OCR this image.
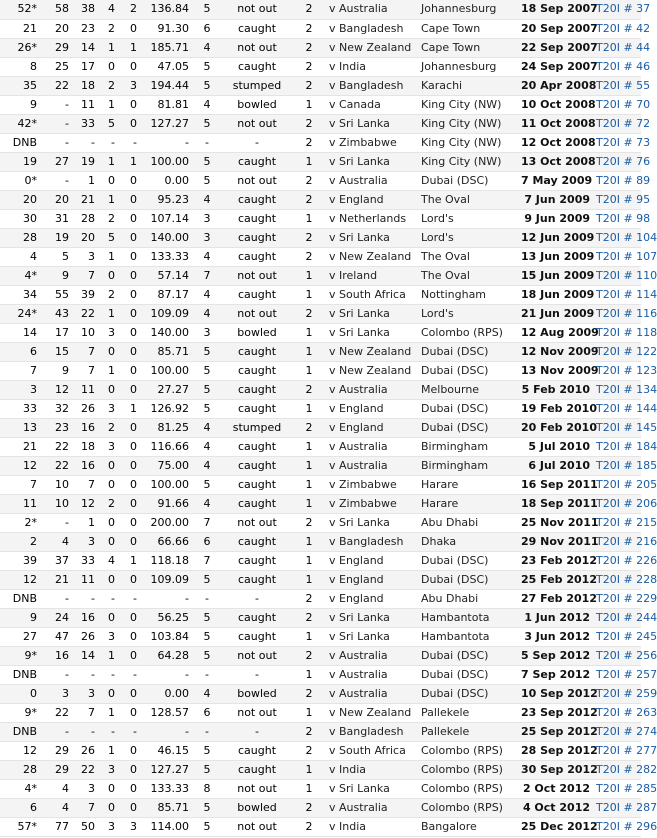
52*	58	38	4	2	136.84	5	not out	2	v Australia	Johannesburg	18 Sep 2007	T20I # 37
21	20	23	2	0	91.30	6	caught	2	v Bangladesh	Cape Town	20 Sep 2007	T20I # 42
26*	29	14	1	1	185.71	4	not out	2	v New Zealand	Cape Town	22 Sep 2007	T20I # 44
8	25	17	0	0	47.05	5	caught	2	v India	Johannesburg	24 Sep 2007	T20I # 46
35	22	18	2	3	194.44	5	stumped	2	v Bangladesh	Karachi	20 Apr 2008	T20I # 55
9	-	11	1	0	81.81	4	bowled	1	v Canada	King City (NW)	10 Oct 2008	T20I # 70
42*	-	33	5	0	127.27	5	not out	2	v Sri Lanka	King City (NW)	11 Oct 2008	T20I # 72
DNB	-	-	-	-	-	-	-	2	v Zimbabwe	King City (NW)	12 Oct 2008	T20I # 73
19	27	19	1	1	100.00	5	caught	1	v Sri Lanka	King City (NW)	13 Oct 2008	T20I # 76
0*	-	1	0	0	0.00	5	not out	2	v Australia	Dubai (DSC)	7 May 2009	T20I # 89
20	20	21	1	0	95.23	4	caught	2	v England	The Oval	7 Jun 2009	T20I # 95
30	31	28	2	0	107.14	3	caught	1	v Netherlands	Lord's	9 Jun 2009	T20I # 98
28	19	20	5	0	140.00	3	caught	2	v Sri Lanka	Lord's	12 Jun 2009	T20I # 104
4	5	3	1	0	133.33	4	caught	2	v New Zealand	The Oval	13 Jun 2009	T20I # 107
4*	9	7	0	0	57.14	7	not out	1	v Ireland	The Oval	15 Jun 2009	T20I # 110
34	55	39	2	0	87.17	4	caught	1	v South Africa	Nottingham	18 Jun 2009	T20I # 114
24*	43	22	1	0	109.09	4	not out	2	v Sri Lanka	Lord's	21 Jun 2009	T20I # 116
14	17	10	3	0	140.00	3	bowled	1	v Sri Lanka	Colombo (RPS)	12 Aug 2009	T20I # 118
6	15	7	0	0	85.71	5	caught	1	v New Zealand	Dubai (DSC)	12 Nov 2009	T20I # 122
7	9	7	1	0	100.00	5	caught	1	v New Zealand	Dubai (DSC)	13 Nov 2009	T20I # 123
3	12	11	0	0	27.27	5	caught	2	v Australia	Melbourne	5 Feb 2010	T20I # 134
33	32	26	3	1	126.92	5	caught	1	v England	Dubai (DSC)	19 Feb 2010	T20I # 144
13	23	16	2	0	81.25	4	stumped	2	v England	Dubai (DSC)	20 Feb 2010	T20I # 145
21	22	18	3	0	116.66	4	caught	1	v Australia	Birmingham	5 Jul 2010	T20I # 184
12	22	16	0	0	75.00	4	caught	1	v Australia	Birmingham	6 Jul 2010	T20I # 185
7	10	7	0	0	100.00	5	caught	1	v Zimbabwe	Harare	16 Sep 2011	T20I # 205
11	10	12	2	0	91.66	4	caught	1	v Zimbabwe	Harare	18 Sep 2011	T20I # 206
2*	-	1	0	0	200.00	7	not out	2	v Sri Lanka	Abu Dhabi	25 Nov 2011	T20I # 215
2	4	3	0	0	66.66	6	caught	1	v Bangladesh	Dhaka	29 Nov 2011	T20I # 216
39	37	33	4	1	118.18	7	caught	1	v England	Dubai (DSC)	23 Feb 2012	T20I # 226
12	21	11	0	0	109.09	5	caught	1	v England	Dubai (DSC)	25 Feb 2012	T20I # 228
DNB	-	-	-	-	-	-	-	2	v England	Abu Dhabi	27 Feb 2012	T20I # 229
9	24	16	0	0	56.25	5	caught	2	v Sri Lanka	Hambantota	1 Jun 2012	T20I # 244
27	47	26	3	0	103.84	5	caught	1	v Sri Lanka	Hambantota	3 Jun 2012	T20I # 245
9*	16	14	1	0	64.28	5	not out	2	v Australia	Dubai (DSC)	5 Sep 2012	T20I # 256
DNB	-	-	-	-	-	-	-	1	v Australia	Dubai (DSC)	7 Sep 2012	T20I # 257
0	3	3	0	0	0.00	4	bowled	2	v Australia	Dubai (DSC)	10 Sep 2012	T20I # 259
9*	22	7	1	0	128.57	6	not out	1	v New Zealand	Pallekele	23 Sep 2012	T20I # 263
DNB	-	-	-	-	-	-	-	2	v Bangladesh	Pallekele	25 Sep 2012	T20I # 274
12	29	26	1	0	46.15	5	caught	2	v South Africa	Colombo (RPS)	28 Sep 2012	T20I # 277
28	29	22	3	0	127.27	5	caught	1	v India	Colombo (RPS)	30 Sep 2012	T20I # 282
4*	4	3	0	0	133.33	8	not out	1	v Sri Lanka	Colombo (RPS)	2 Oct 2012	T20I # 285
6	4	7	0	0	85.71	5	bowled	2	v Australia	Colombo (RPS)	4 Oct 2012	T20I # 287
57*	77	50	3	3	114.00	5	not out	2	v India	Bangalore	25 Dec 2012	T20I # 296
